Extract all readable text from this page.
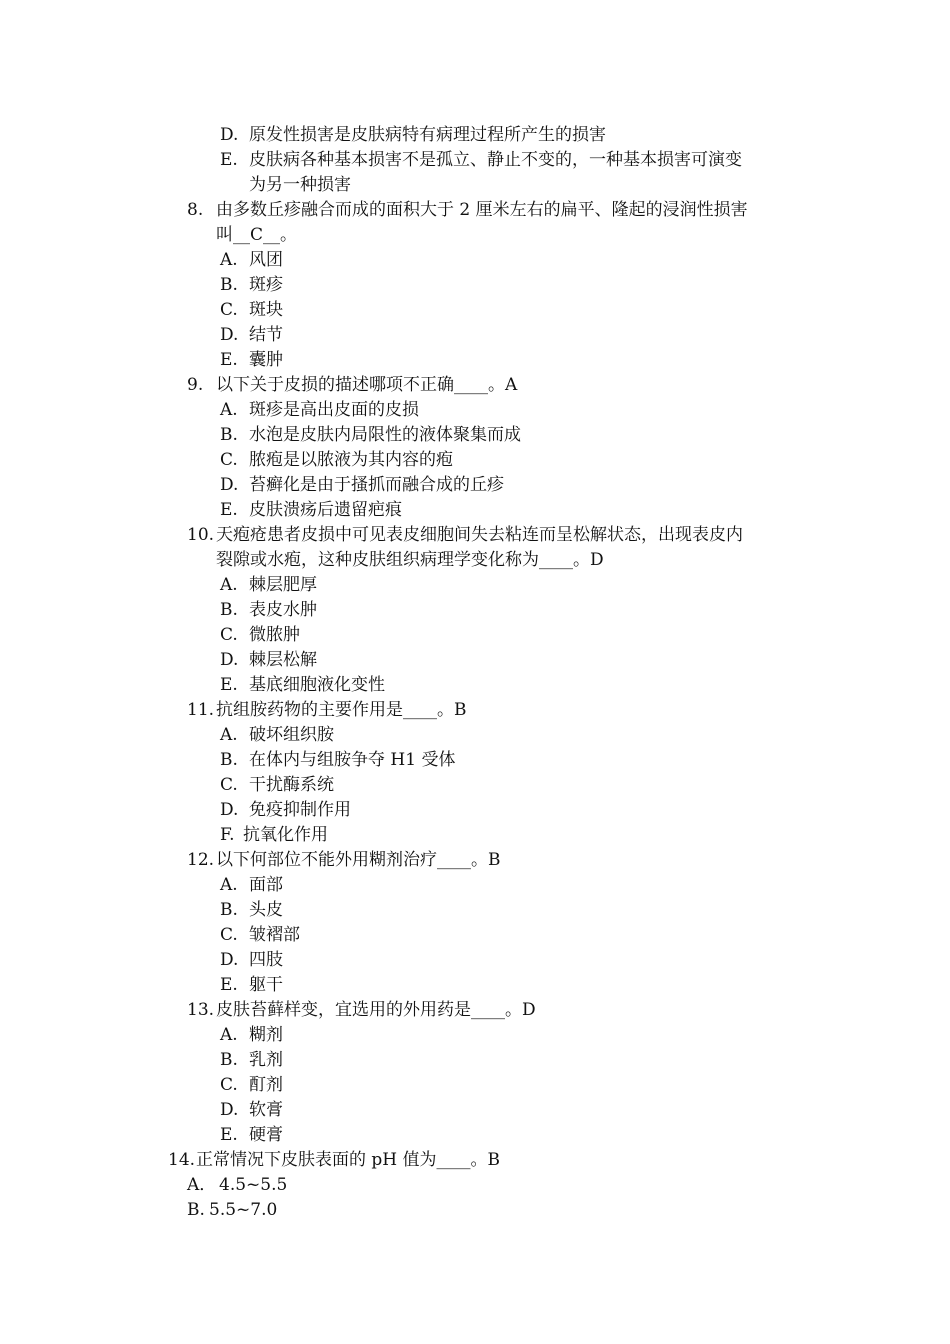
D. 原发性损害是皮肤病特有病理过程所产生的损害
E. 皮肤病各种基本损害不是孤立、静止不变的，一种基本损害可演变
为另一种损害
8. 由多数丘疹融合而成的面积大于 2 厘米左右的扁平、隆起的浸润性损害
叫__C__。
A. 风团
B. 斑疹
C. 斑块
D. 结节
E. 囊肿
9. 以下关于皮损的描述哪项不正确____。A
A. 斑疹是高出皮面的皮损
B. 水泡是皮肤内局限性的液体聚集而成
C. 脓疱是以脓液为其内容的疱
D. 苔癣化是由于搔抓而融合成的丘疹
E. 皮肤溃疡后遗留疤痕
10. 天疱疮患者皮损中可见表皮细胞间失去粘连而呈松解状态，出现表皮内
裂隙或水疱，这种皮肤组织病理学变化称为____。D
A. 棘层肥厚
B. 表皮水肿
C. 微脓肿
D. 棘层松解
E. 基底细胞液化变性
11. 抗组胺药物的主要作用是____。B
A. 破坏组织胺
B. 在体内与组胺争夺 H1 受体
C. 干扰酶系统
D. 免疫抑制作用
F. 抗氧化作用
12. 以下何部位不能外用糊剂治疗____。B
A. 面部
B. 头皮
C. 皱褶部
D. 四肢
E. 躯干
13. 皮肤苔藓样变，宜选用的外用药是____。D
A. 糊剂
B. 乳剂
C. 酊剂
D. 软膏
E. 硬膏
14. 正常情况下皮肤表面的 pH 值为____。B
A． 4.5~5.5
B. 5.5~7.0
